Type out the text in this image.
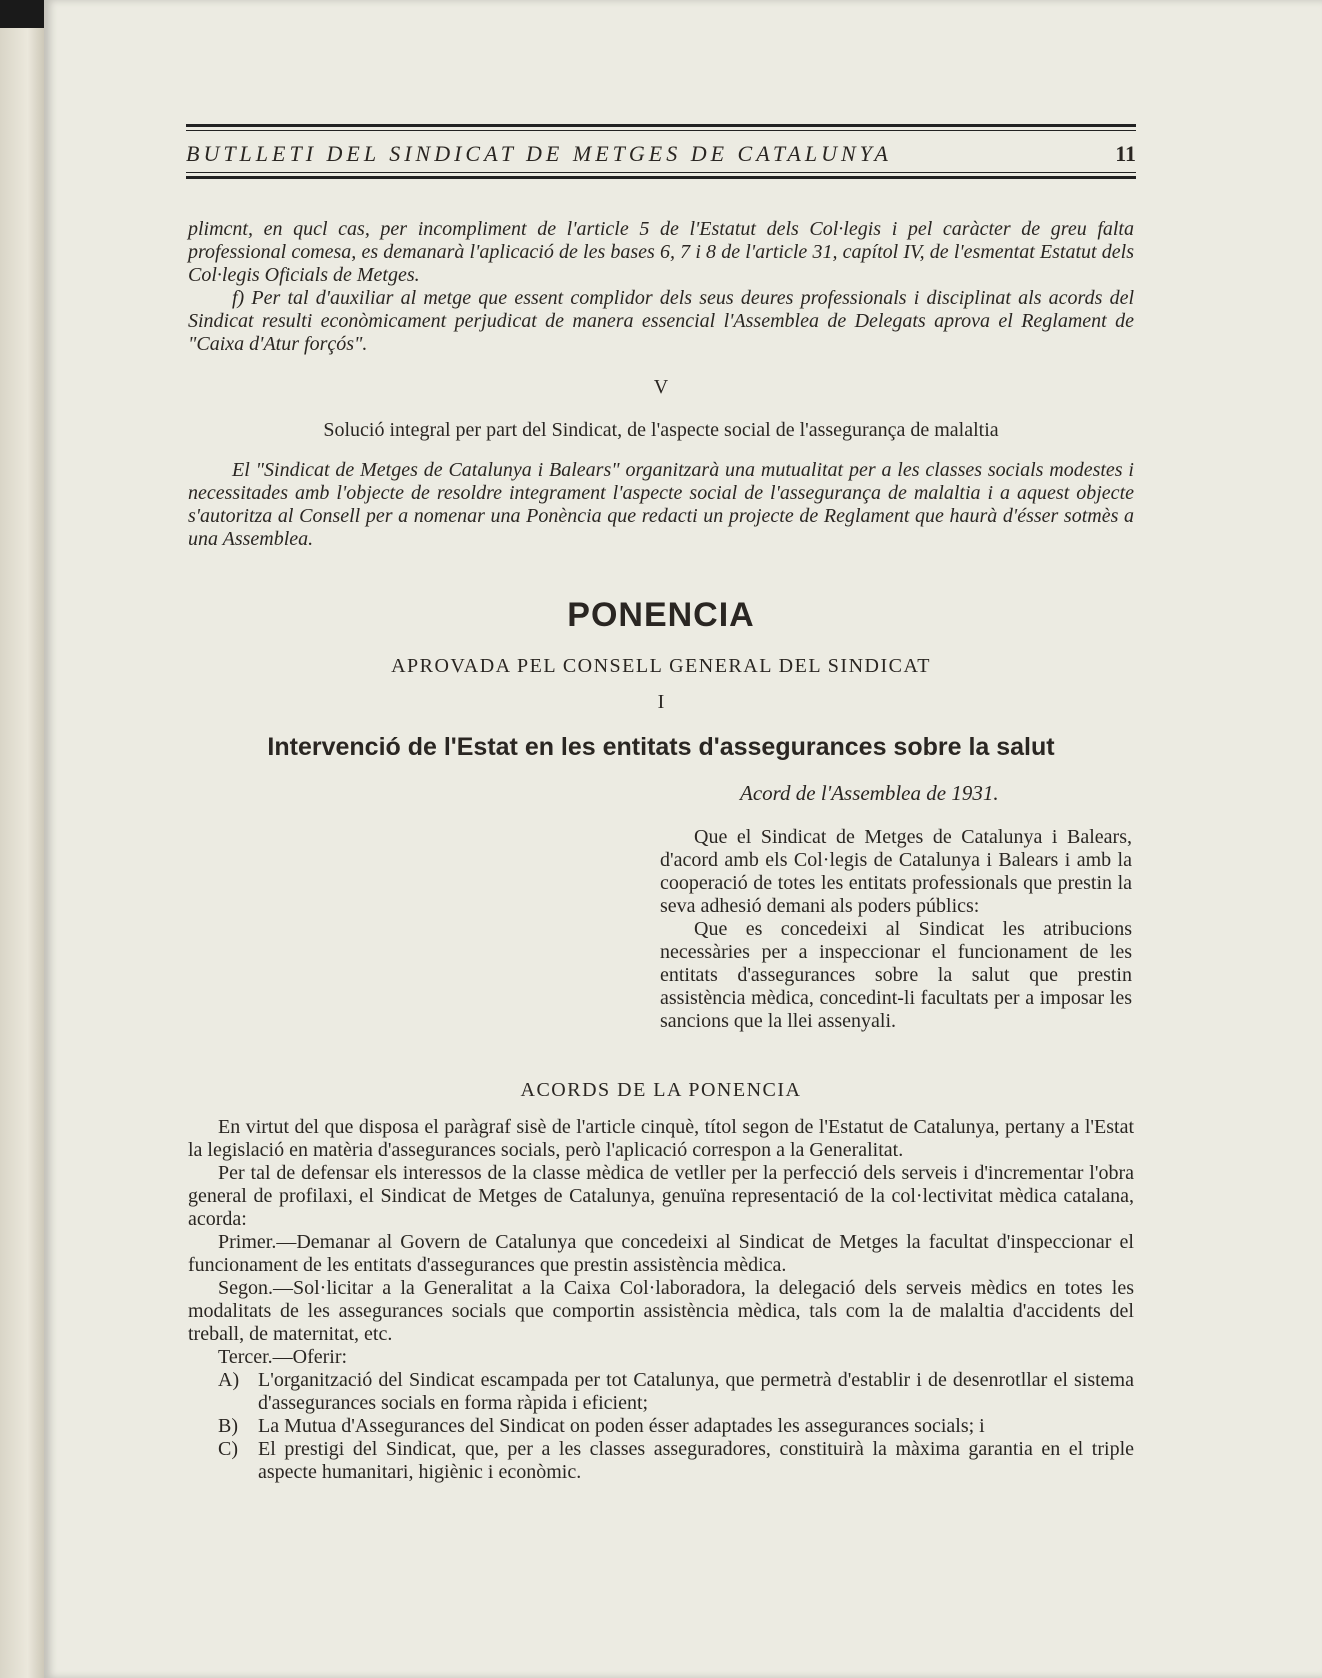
BUTLLETI DEL SINDICAT DE METGES DE CATALUNYA	11

plimcnt, en qucl cas, per incompliment de l'article 5 de l'Estatut dels Col·legis i pel caràcter de greu falta professional comesa, es demanarà l'aplicació de les bases 6, 7 i 8 de l'article 31, capítol IV, de l'esmentat Estatut dels Col·legis Oficials de Metges.

f) Per tal d'auxiliar al metge que essent complidor dels seus deures professionals i disciplinat als acords del Sindicat resulti econòmicament perjudicat de manera essencial l'Assemblea de Delegats aprova el Reglament de "Caixa d'Atur forçós".

V
Solució integral per part del Sindicat, de l'aspecte social de l'assegurança de malaltia

El "Sindicat de Metges de Catalunya i Balears" organitzarà una mutualitat per a les classes socials modestes i necessitades amb l'objecte de resoldre integrament l'aspecte social de l'assegurança de malaltia i a aquest objecte s'autoritza al Consell per a nomenar una Ponència que redacti un projecte de Reglament que haurà d'ésser sotmès a una Assemblea.

PONENCIA
APROVADA PEL CONSELL GENERAL DEL SINDICAT
I
Intervenció de l'Estat en les entitats d'assegurances sobre la salut
Acord de l'Assemblea de 1931.

Que el Sindicat de Metges de Catalunya i Balears, d'acord amb els Col·legis de Catalunya i Balears i amb la cooperació de totes les entitats professionals que prestin la seva adhesió demani als poders públics:

Que es concedeixi al Sindicat les atribucions necessàries per a inspeccionar el funcionament de les entitats d'assegurances sobre la salut que prestin assistència mèdica, concedint-li facultats per a imposar les sancions que la llei assenyali.

ACORDS DE LA PONENCIA

En virtut del que disposa el paràgraf sisè de l'article cinquè, títol segon de l'Estatut de Catalunya, pertany a l'Estat la legislació en matèria d'assegurances socials, però l'aplicació correspon a la Generalitat.

Per tal de defensar els interessos de la classe mèdica de vetller per la perfecció dels serveis i d'incrementar l'obra general de profilaxi, el Sindicat de Metges de Catalunya, genuïna representació de la col·lectivitat mèdica catalana, acorda:

Primer.—Demanar al Govern de Catalunya que concedeixi al Sindicat de Metges la facultat d'inspeccionar el funcionament de les entitats d'assegurances que prestin assistència mèdica.

Segon.—Sol·licitar a la Generalitat a la Caixa Col·laboradora, la delegació dels serveis mèdics en totes les modalitats de les assegurances socials que comportin assistència mèdica, tals com la de malaltia d'accidents del treball, de maternitat, etc.

Tercer.—Oferir:

A) L'organització del Sindicat escampada per tot Catalunya, que permetrà d'establir i de desenrotllar el sistema d'assegurances socials en forma ràpida i eficient;
B)	La Mutua d'Assegurances del Sindicat on poden ésser adaptades les assegurances socials; i
C)	El prestigi del Sindicat, que, per a les classes asseguradores, constituirà la màxima garantia en el triple aspecte humanitari, higiènic i econòmic.
